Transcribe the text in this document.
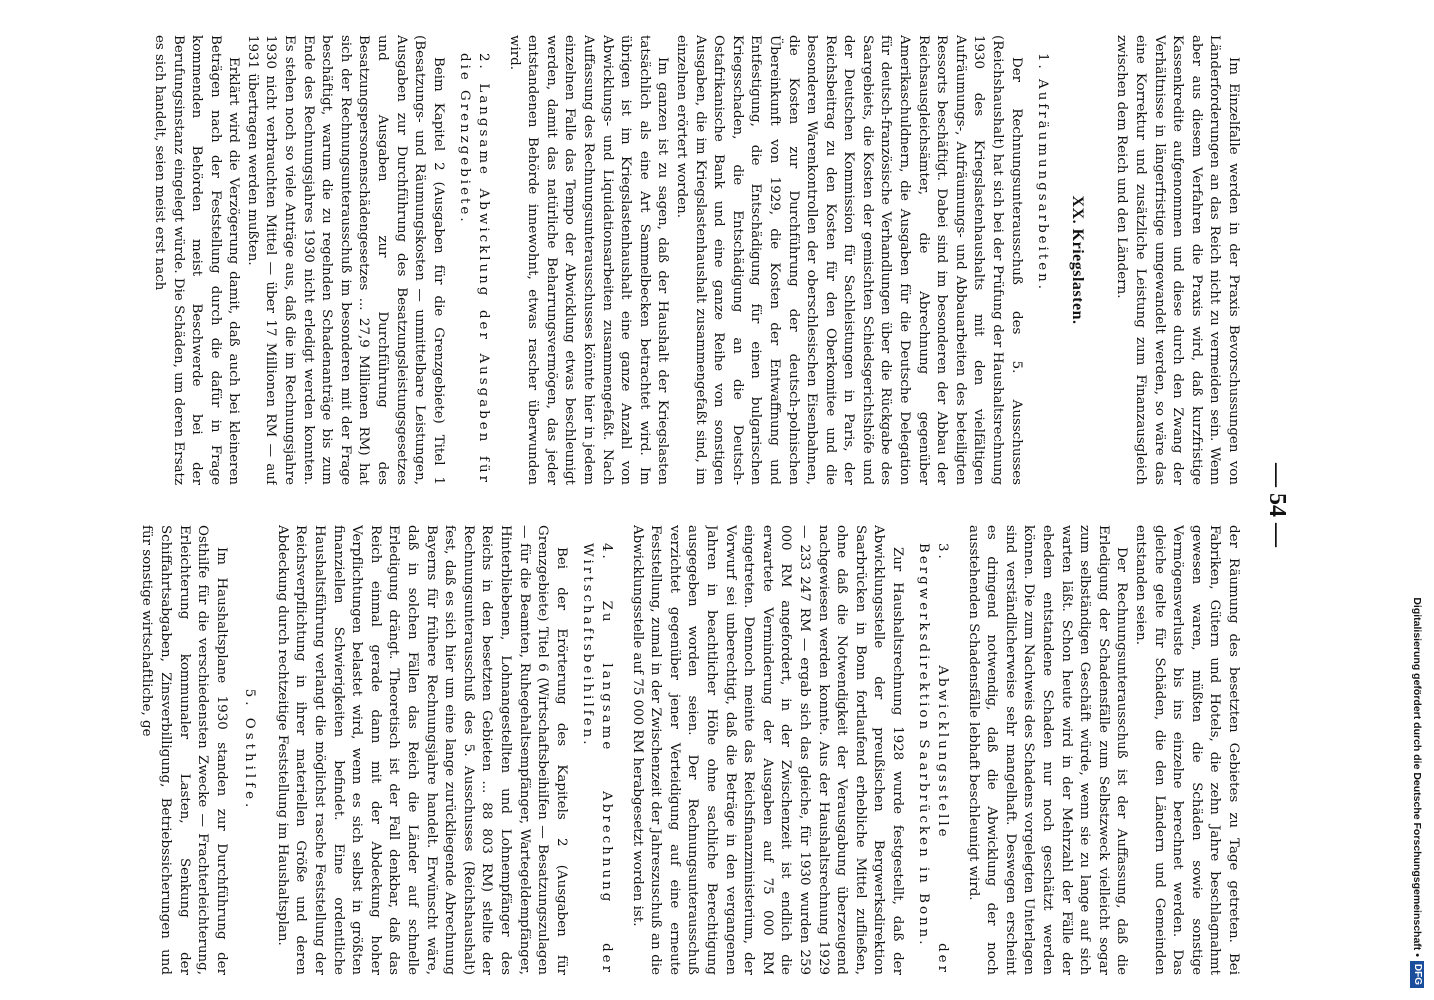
— 54 —

Im Einzelfalle werden in der Praxis Bevorschussungen von Länderforderungen an das Reich nicht zu vermeiden sein. Wenn aber aus diesem Verfahren die Praxis wird, daß kurzfristige Kassenkredite aufgenommen und diese durch den Zwang der Verhältnisse in längerfristige umgewandelt werden, so wäre das eine Korrektur und zusätzliche Leistung zum Finanzausgleich zwischen dem Reich und den Ländern.

XX. Kriegslasten.
1. Aufräumungsarbeiten.

Der Rechnungsunterausschuß des 5. Ausschusses (Reichshaushalt) hat sich bei der Prüfung der Haushaltsrechnung 1930 des Kriegslastenhaushalts mit den vielfältigen Aufräumungs-, Aufräumungs- und Abbauarbeiten des beteiligten Ressorts beschäftigt. Dabei sind im besonderen der Abbau der Reichsausgleichsämter, die Abrechnung gegenüber Amerikaschuldnern, die Ausgaben für die Deutsche Delegation für deutsch-französische Verhandlungen über die Rückgabe des Saargebiets, die Kosten der gemischten Schiedsgerichtshöfe und der Deutschen Kommission für Sachleistungen in Paris, der Reichsbeitrag zu den Kosten für den Oberkomitee und die besonderen Warenkontrollen der oberschlesischen Eisenbahnen, die Kosten zur Durchführung der deutsch-polnischen Übereinkunft von 1929, die Kosten der Entwaffnung und Entfestigung, die Entschädigung für einen bulgarischen Kriegsschaden, die Entschädigung an die Deutsch-Ostafrikanische Bank und eine ganze Reihe von sonstigen Ausgaben, die im Kriegslastenhaushalt zusammengefaßt sind, im einzelnen erörtert worden.

Im ganzen ist zu sagen, daß der Haushalt der Kriegslasten tatsächlich als eine Art Sammelbecken betrachtet wird. Im übrigen ist im Kriegslastenhaushalt eine ganze Anzahl von Abwicklungs- und Liquidationsarbeiten zusammengefaßt. Nach Auffassung des Rechnungsunterausschusses könnte hier in jedem einzelnen Falle das Tempo der Abwicklung etwas beschleunigt werden, damit das natürliche Beharrungsvermögen, das jeder entstandenen Behörde innewohnt, etwas rascher überwunden wird.

2. Langsame Abwicklung der Ausgaben für die Grenzgebiete.

Beim Kapitel 2 (Ausgaben für die Grenzgebiete) Titel 1 (Besatzungs- und Räumungskosten — unmittelbare Leistungen, Ausgaben zur Durchführung des Besatzungsleistungsgesetzes und Ausgaben zur Durchführung des Besatzungspersonenschädengesetzes ... 27,9 Millionen RM) hat sich der Rechnungsunterausschuß im besonderen mit der Frage beschäftigt, warum die zu regelnden Schadenanträge bis zum Ende des Rechnungsjahres 1930 nicht erledigt werden konnten. Es stehen noch so viele Anträge aus, daß die im Rechnungsjahre 1930 nicht verbrauchten Mittel — über 17 Millionen RM — auf 1931 übertragen werden mußten.

Erklärt wird die Verzögerung damit, daß auch bei kleineren Beträgen nach der Feststellung durch die dafür in Frage kommenden Behörden meist Beschwerde bei der Berufungsinstanz eingelegt würde. Die Schäden, um deren Ersatz es sich handelt, seien meist erst nach

der Räumung des besetzten Gebietes zu Tage getreten. Bei Fabriken, Gütern und Hotels, die zehn Jahre beschlagnahmt gewesen waren, müßten die Schäden sowie sonstige Vermögensverluste bis ins einzelne berechnet werden. Das gleiche gelte für Schäden, die den Ländern und Gemeinden entstanden seien.

Der Rechnungsunterausschuß ist der Auffassung, daß die Erledigung der Schadensfälle zum Selbstzweck vielleicht sogar zum selbständigen Geschäft würde, wenn sie zu lange auf sich warten läßt. Schon heute wird in der Mehrzahl der Fälle der ehedem entstandene Schaden nur noch geschätzt werden können. Die zum Nachweis des Schadens vorgelegten Unterlagen sind verständlicherweise sehr mangelhaft. Deswegen erscheint es dringend notwendig, daß die Abwicklung der noch ausstehenden Schadensfälle lebhaft beschleunigt wird.

3. Abwicklungsstelle der Bergwerksdirektion Saarbrücken in Bonn.

Zur Haushaltsrechnung 1928 wurde festgestellt, daß der Abwicklungsstelle der preußischen Bergwerksdirektion Saarbrücken in Bonn fortlaufend erhebliche Mittel zufließen, ohne daß die Notwendigkeit der Verausgabung überzeugend nachgewiesen werden konnte. Aus der Haushaltsrechnung 1929 — 233 247 RM — ergab sich das gleiche, für 1930 wurden 259 000 RM angefordert, in der Zwischenzeit ist endlich die erwartete Verminderung der Ausgaben auf 75 000 RM eingetreten. Dennoch meinte das Reichsfinanzministerium, der Vorwurf sei unberechtigt, daß die Beträge in den vergangenen Jahren in beachtlicher Höhe ohne sachliche Berechtigung ausgegeben worden seien. Der Rechnungsunterausschuß verzichtet gegenüber jener Verteidigung auf eine erneute Feststellung, zumal in der Zwischenzeit der Jahreszuschuß an die Abwicklungsstelle auf 75 000 RM herabgesetzt worden ist.

4. Zu langsame Abrechnung der Wirtschaftsbeihilfen.

Bei der Erörterung des Kapitels 2 (Ausgaben für Grenzgebiete) Titel 6 (Wirtschaftsbeihilfen — Besatzungszulagen — für die Beamten, Ruhegehaltsempfänger, Wartegeldempfänger, Hinterbliebenen, Lohnangestellten und Lohnempfänger des Reichs in den besetzten Gebieten ... 88 803 RM) stellte der Rechnungsunterausschuß des 5. Ausschusses (Reichshaushalt) fest, daß es sich hier um eine lange zurückliegende Abrechnung Bayerns für frühere Rechnungsjahre handelt. Erwünscht wäre, daß in solchen Fällen das Reich die Länder auf schnelle Erledigung drängt. Theoretisch ist der Fall denkbar, daß das Reich einmal gerade dann mit der Abdeckung hoher Verpflichtungen belastet wird, wenn es sich selbst in größten finanziellen Schwierigkeiten befindet. Eine ordentliche Haushaltsführung verlangt die möglichst rasche Feststellung der Reichsverpflichtung in ihrer materiellen Größe und deren Abdeckung durch rechtzeitige Feststellung im Haushaltsplan.

5. Osthilfe.

Im Haushaltsplane 1930 standen zur Durchführung der Osthilfe für die verschiedensten Zwecke — Frachterleichterung, Erleichterung kommunaler Lasten, Senkung der Schiffahrtsabgaben, Zinsverbilligung, Betriebssicherungen und für sonstige wirtschaftliche, ge	Digitalisierung gefördert durch die Deutsche Forschungsgemeinschaft •DFG
